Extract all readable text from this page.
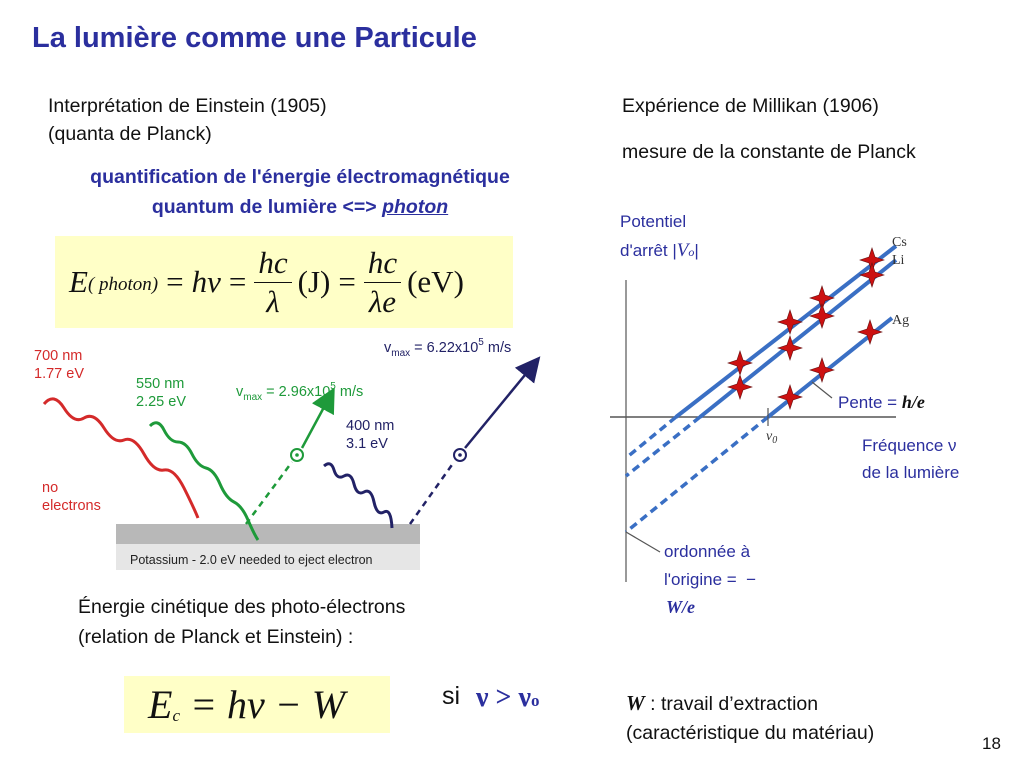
La lumière comme une Particule
Interprétation de Einstein (1905)
(quanta de Planck)
quantification de l'énergie électromagnétique
quantum de lumière <=> photon
E ( photon) = $h\nu = \frac{hc}{\lambda} (J) = \frac{hc}{\lambda e} (eV)$
Potassium - 2.0 eV needed to eject electron
700 nm
1.77 eV
550 nm
2.25 eV
400 nm
3.1 eV
no
electrons
$v_{max} = 2.96x10^5$ m/s
$v_{max} = 6.22x10^5$ m/s
Énergie cinétique des photo-électrons
(relation de Planck et Einstein) :
E c = hν − W	si ν > νo
Expérience de Millikan (1906)
mesure de la constante de Planck
$\nu_0$
Cs
Li
Ag
Potentiel
d'arrêt |Vo|
Pente = h/e
Fréquence ν
de la lumière
ordonnée à
l'origine =  −
W/e
W : travail d’extraction
(caractéristique du matériau)	18
